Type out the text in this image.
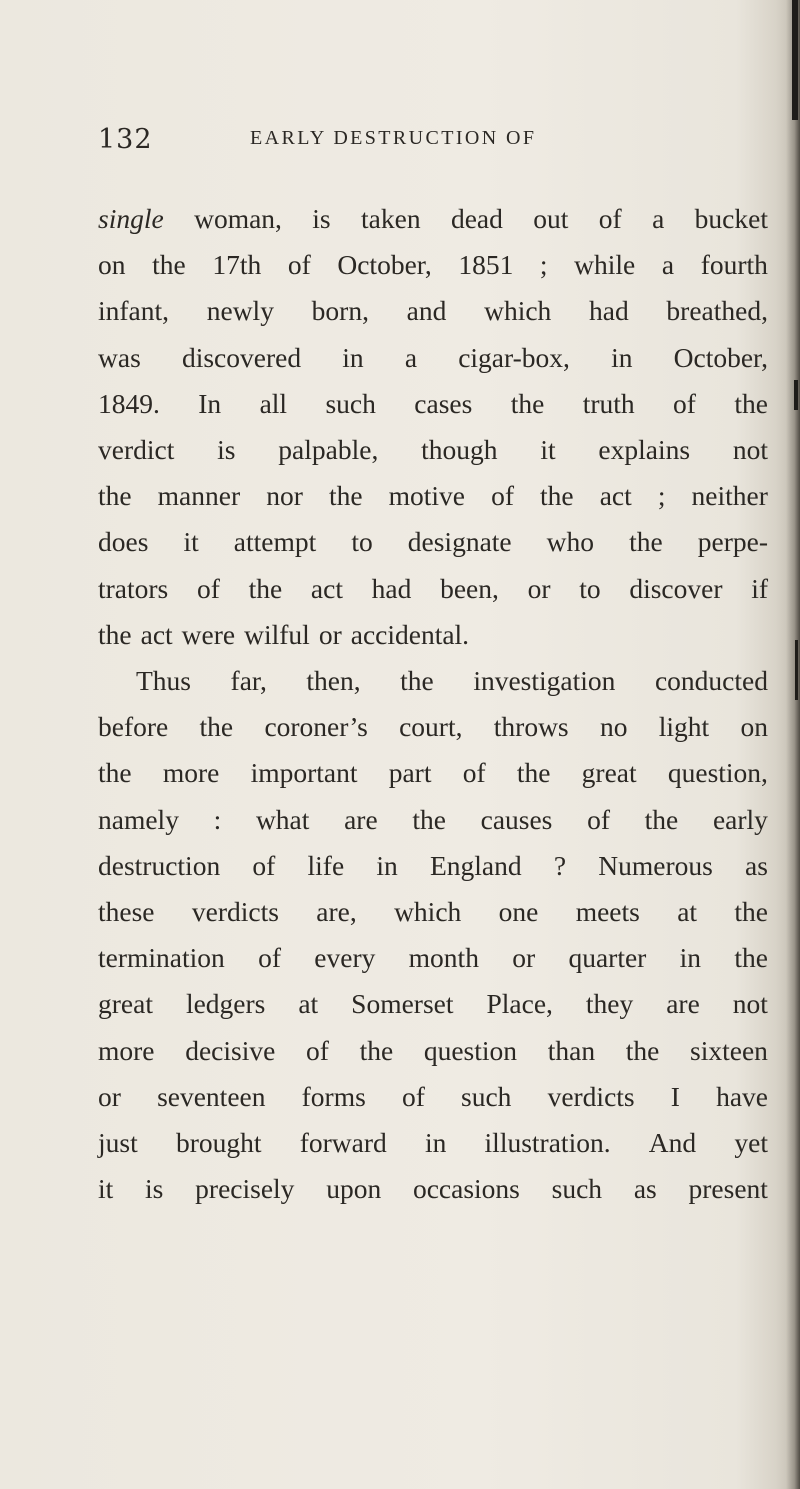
132	EARLY DESTRUCTION OF
single woman, is taken dead out of a bucket
on the 17th of October, 1851 ; while a fourth
infant, newly born, and which had breathed,
was discovered in a cigar-box, in October,
1849. In all such cases the truth of the
verdict is palpable, though it explains not
the manner nor the motive of the act ; neither
does it attempt to designate who the perpe-
trators of the act had been, or to discover if
the act were wilful or accidental.
Thus far, then, the investigation conducted
before the coroner’s court, throws no light on
the more important part of the great question,
namely : what are the causes of the early
destruction of life in England ? Numerous as
these verdicts are, which one meets at the
termination of every month or quarter in the
great ledgers at Somerset Place, they are not
more decisive of the question than the sixteen
or seventeen forms of such verdicts I have
just brought forward in illustration. And yet
it is precisely upon occasions such as present
